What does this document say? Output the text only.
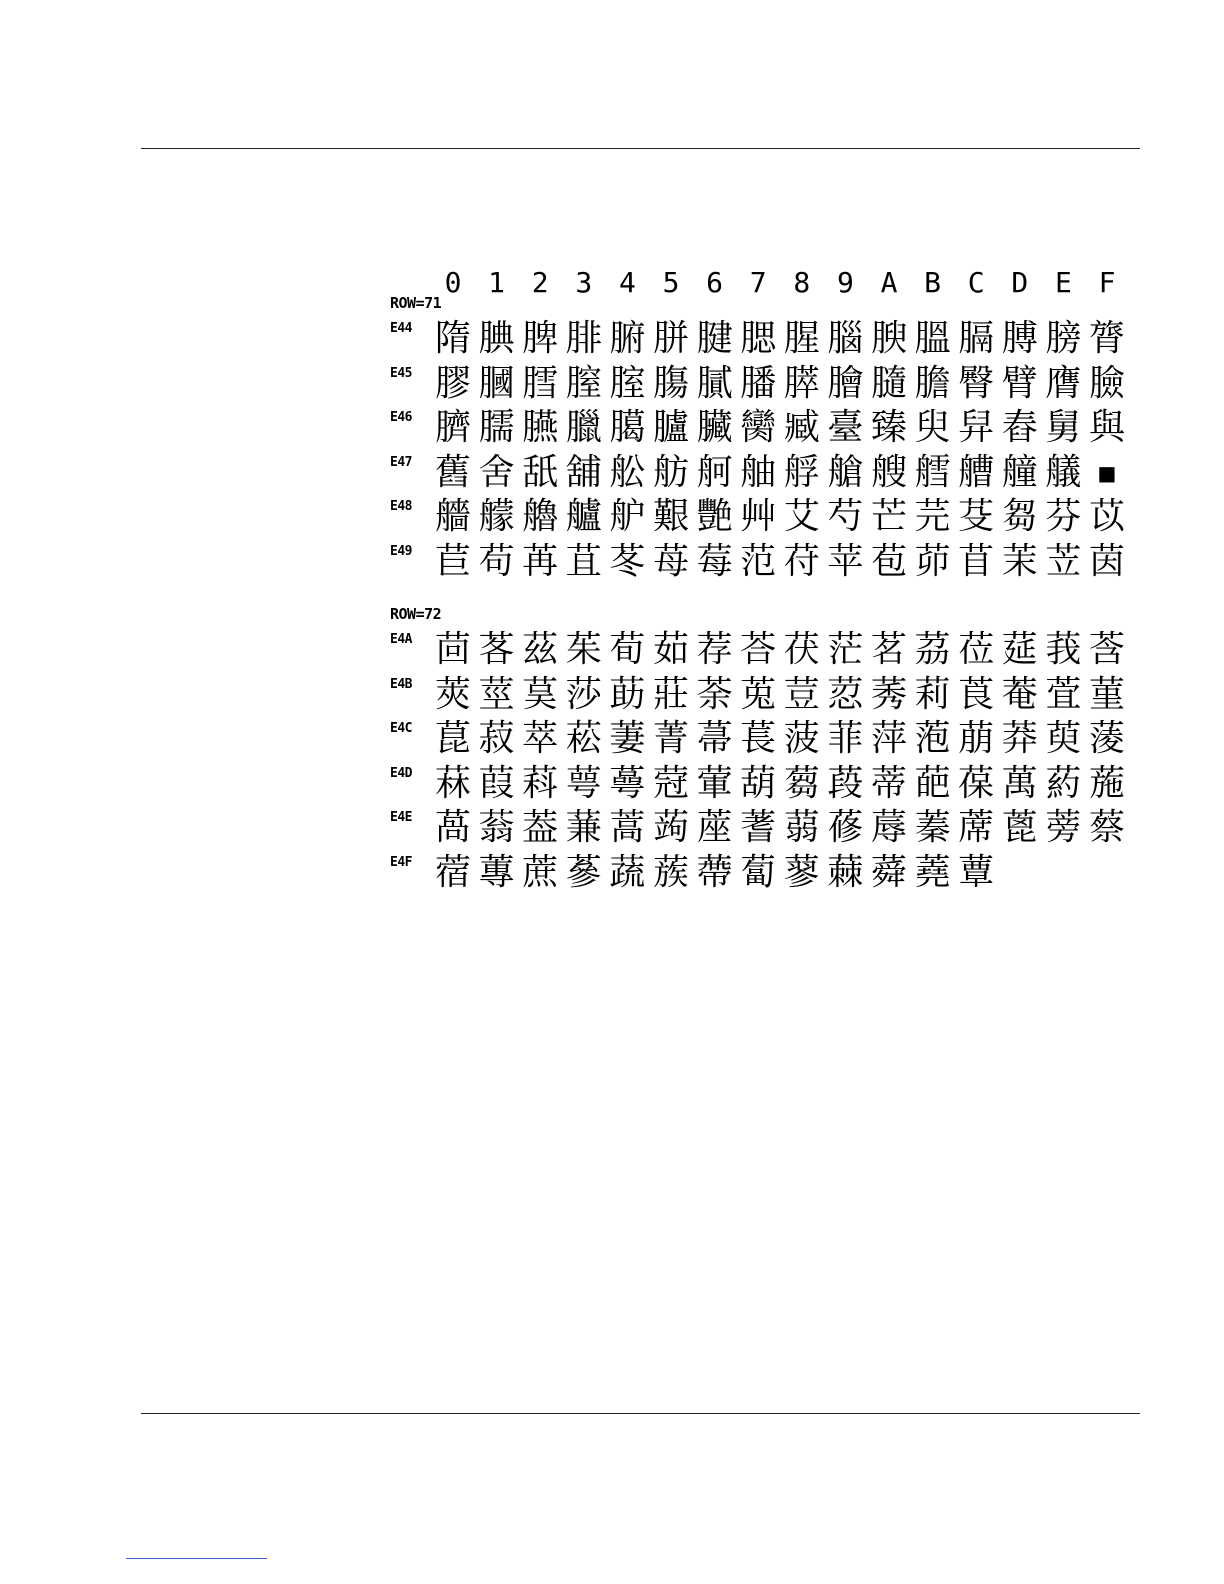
0 1 2 3 4 5 6 7 8 9 A B C D E F
ROW=71
E44 隋 腆 脾 腓 腑 胼 腱 腮 腥 腦 腴 膃 膈 膊 膀 膂
E45 膠 膕 膤 膣 腟 膓 膩 膰 膵 膾 膸 膽 臀 臂 膺 臉
E46 臍 臑 臙 臘 臈 臚 臟 臠 臧 臺 臻 臾 舁 舂 舅 與
E47 舊 舍 舐 舖 舩 舫 舸 舳 艀 艙 艘 艝 艚 艟 艤 ■
E48 艢 艨 艪 艫 舮 艱 艷 艸 艾 芍 芒 芫 芟 芻 芬 苡
E49 苣 苟 苒 苴 苳 苺 莓 范 苻 苹 苞 茆 苜 茉 苙 茵
ROW=72
E4A 茴 茖 茲 茱 荀 茹 荐 荅 茯 茫 茗 茘 莅 莚 莪 莟
E4B 莢 莖 茣 莎 莇 莊 荼 莵 荳 荵 莠 莉 莨 菴 萓 菫
E4C 菎 菽 萃 菘 萋 菁 菷 萇 菠 菲 萍 萢 萠 莽 萸 蔆
E4D 菻 葭 萪 萼 蕚 蒄 葷 葫 蒭 葮 蒂 葩 葆 萬 葯 葹
E4E 萵 蓊 葢 蒹 蒿 蒟 蓙 蓍 蒻 蓚 蓐 蓁 蓆 蓖 蒡 蔡
E4F 蓿 蓴 蔗 蔘 蔬 蔟 蔕 蔔 蓼 蕀 蕣 蕘 蕈
